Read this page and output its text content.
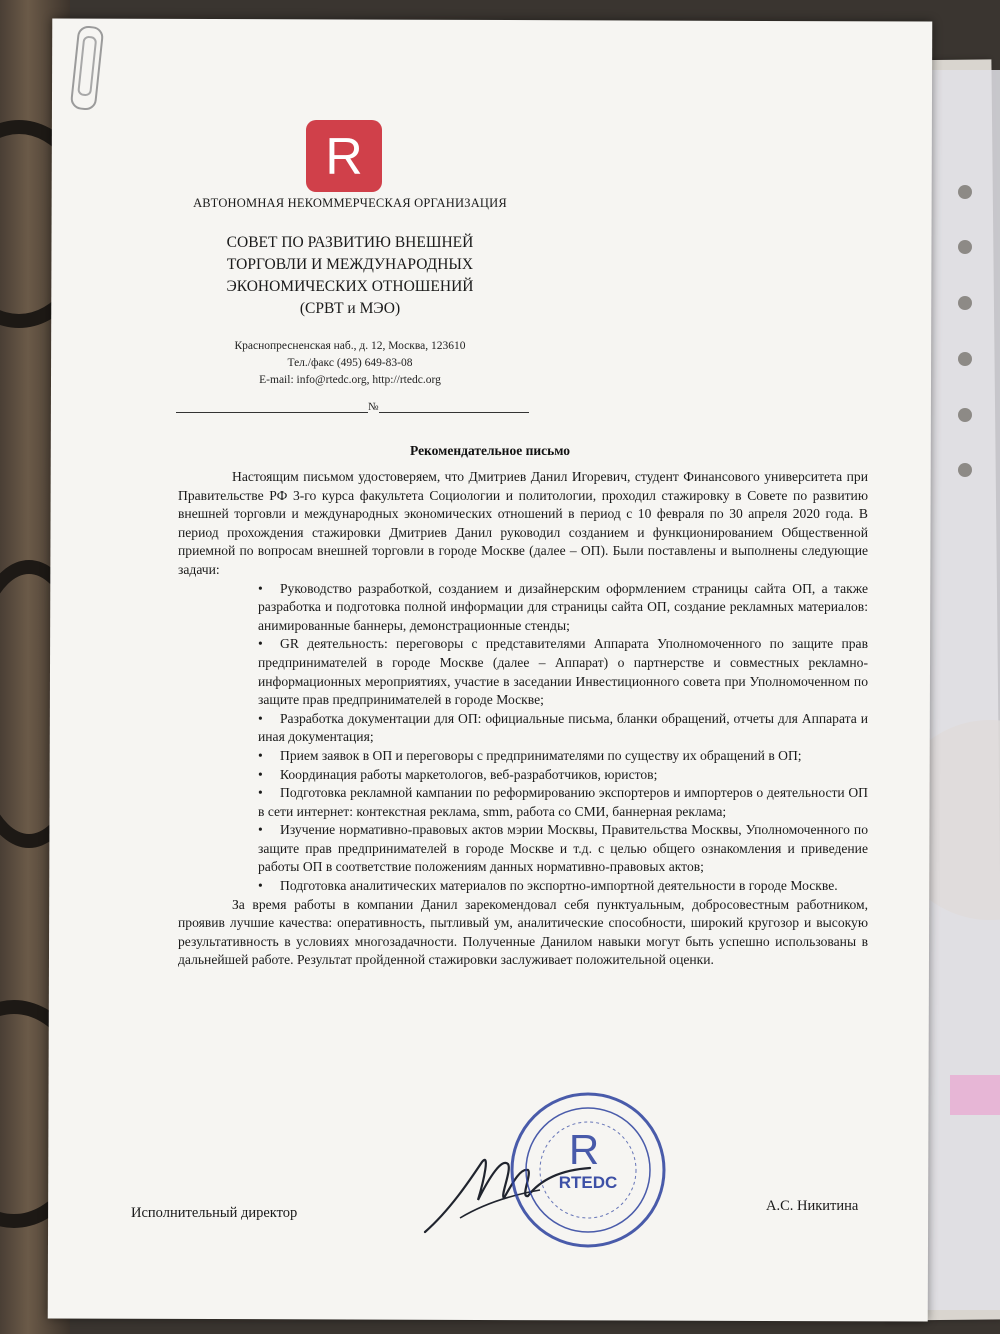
R
АВТОНОМНАЯ НЕКОММЕРЧЕСКАЯ ОРГАНИЗАЦИЯ
СОВЕТ ПО РАЗВИТИЮ ВНЕШНЕЙ
ТОРГОВЛИ И МЕЖДУНАРОДНЫХ
ЭКОНОМИЧЕСКИХ ОТНОШЕНИЙ
(СРВТ и МЭО)
Краснопресненская наб., д. 12, Москва, 123610
Тел./факс (495) 649-83-08
E-mail: info@rtedc.org, http://rtedc.org
№
Рекомендательное письмо

Настоящим письмом удостоверяем, что Дмитриев Данил Игоревич, студент Финансового университета при Правительстве РФ 3-го курса факультета Социологии и политологии, проходил стажировку в Совете по развитию внешней торговли и международных экономических отношений в период с 10 февраля по 30 апреля 2020 года. В период прохождения стажировки Дмитриев Данил руководил созданием и функционированием Общественной приемной по вопросам внешней торговли в городе Москве (далее – ОП). Были поставлены и выполнены следующие задачи:

•	Руководство разработкой, созданием и дизайнерским оформлением страницы сайта ОП, а также разработка и подготовка полной информации для страницы сайта ОП, создание рекламных материалов: анимированные баннеры, демонстрационные стенды;
•	GR деятельность: переговоры с представителями Аппарата Уполномоченного по защите прав предпринимателей в городе Москве (далее – Аппарат) о партнерстве и совместных рекламно-информационных мероприятиях, участие в заседании Инвестиционного совета при Уполномоченном по защите прав предпринимателей в городе Москве;
•	Разработка документации для ОП: официальные письма, бланки обращений, отчеты для Аппарата и иная документация;
•	Прием заявок в ОП и переговоры с предпринимателями по существу их обращений в ОП;
•	Координация работы маркетологов, веб-разработчиков, юристов;
•	Подготовка рекламной кампании по реформированию экспортеров и импортеров о деятельности ОП в сети интернет: контекстная реклама, smm, работа со СМИ, баннерная реклама;
•	Изучение нормативно-правовых актов мэрии Москвы, Правительства Москвы, Уполномоченного по защите прав предпринимателей в городе Москве и т.д. с целью общего ознакомления и приведение работы ОП в соответствие положениям данных нормативно-правовых актов;
•	Подготовка аналитических материалов по экспортно-импортной деятельности в городе Москве.

За время работы в компании Данил зарекомендовал себя пунктуальным, добросовестным работником, проявив лучшие качества: оперативность, пытливый ум, аналитические способности, широкий кругозор и высокую результативность в условиях многозадачности. Полученные Данилом навыки могут быть успешно использованы в дальнейшей работе. Результат пройденной стажировки заслуживает положительной оценки.

Исполнительный директор
R
RTEDC
А.С. Никитина
